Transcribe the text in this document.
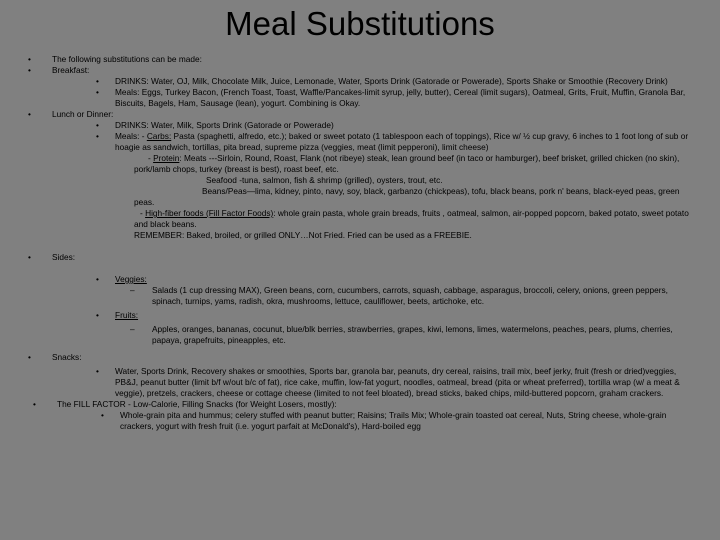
Meal Substitutions
•	The following substitutions can be made:
•	Breakfast:
• DRINKS: Water, OJ, Milk, Chocolate Milk, Juice, Lemonade, Water, Sports Drink (Gatorade or Powerade), Sports Shake or Smoothie (Recovery Drink)
• Meals: Eggs, Turkey Bacon, (French Toast, Toast, Waffle/Pancakes-limit syrup, jelly, butter), Cereal (limit sugars), Oatmeal, Grits, Fruit, Muffin, Granola Bar, Biscuits, Bagels, Ham, Sausage (lean), yogurt. Combining is Okay.
•	Lunch or Dinner:
• DRINKS: Water, Milk, Sports Drink (Gatorade or Powerade)
• Meals: - Carbs: Pasta (spaghetti, alfredo, etc.); baked or sweet potato (1 tablespoon each of toppings), Rice w/ ½ cup gravy, 6 inches to 1 foot long of sub or hoagie as sandwich, tortillas, pita bread, supreme pizza (veggies, meat (limit pepperoni), limit cheese)
- Protein: Meats ---Sirloin, Round, Roast, Flank (not ribeye) steak, lean ground beef (in taco or hamburger), beef brisket, grilled chicken (no skin), pork/lamb chops, turkey (breast is best), roast beef, etc.
Seafood -tuna, salmon, fish & shrimp (grilled), oysters, trout, etc.
Beans/Peas—lima, kidney, pinto, navy, soy, black, garbanzo (chickpeas), tofu, black beans, pork n' beans, black-eyed peas, green peas.
- High-fiber foods (Fill Factor Foods): whole grain pasta, whole grain breads, fruits , oatmeal, salmon, air-popped popcorn, baked potato, sweet potato and black beans.
REMEMBER: Baked, broiled, or grilled ONLY…Not Fried. Fried can be used as a FREEBIE.
•	Sides:
• Veggies:
– Salads (1 cup dressing MAX), Green beans, corn, cucumbers, carrots, squash, cabbage, asparagus, broccoli, celery, onions, green peppers, spinach, turnips, yams, radish, okra, mushrooms, lettuce, cauliflower, beets, artichoke, etc.
• Fruits:
– Apples, oranges, bananas, cocunut, blue/blk berries, strawberries, grapes, kiwi, lemons, limes, watermelons, peaches, pears, plums, cherries, papaya, grapefruits, pineapples, etc.
•	Snacks:
• Water, Sports Drink, Recovery shakes or smoothies, Sports bar, granola bar, peanuts, dry cereal, raisins, trail mix, beef jerky, fruit (fresh or dried)veggies, PB&J, peanut butter (limit b/f w/out b/c of fat), rice cake, muffin, low-fat yogurt, noodles, oatmeal, bread (pita or wheat preferred), tortilla wrap (w/ a meat & veggie), pretzels, crackers, cheese or cottage cheese (limited to not feel bloated), bread sticks, baked chips, mild-buttered popcorn, graham crackers.
•	The FILL FACTOR - Low-Calorie, Filling Snacks (for Weight Losers, mostly):
• Whole-grain pita and hummus; celery stuffed with peanut butter; Raisins; Trails Mix; Whole-grain toasted oat cereal, Nuts, String cheese, whole-grain crackers, yogurt with fresh fruit (i.e. yogurt parfait at McDonald's), Hard-boiled egg
